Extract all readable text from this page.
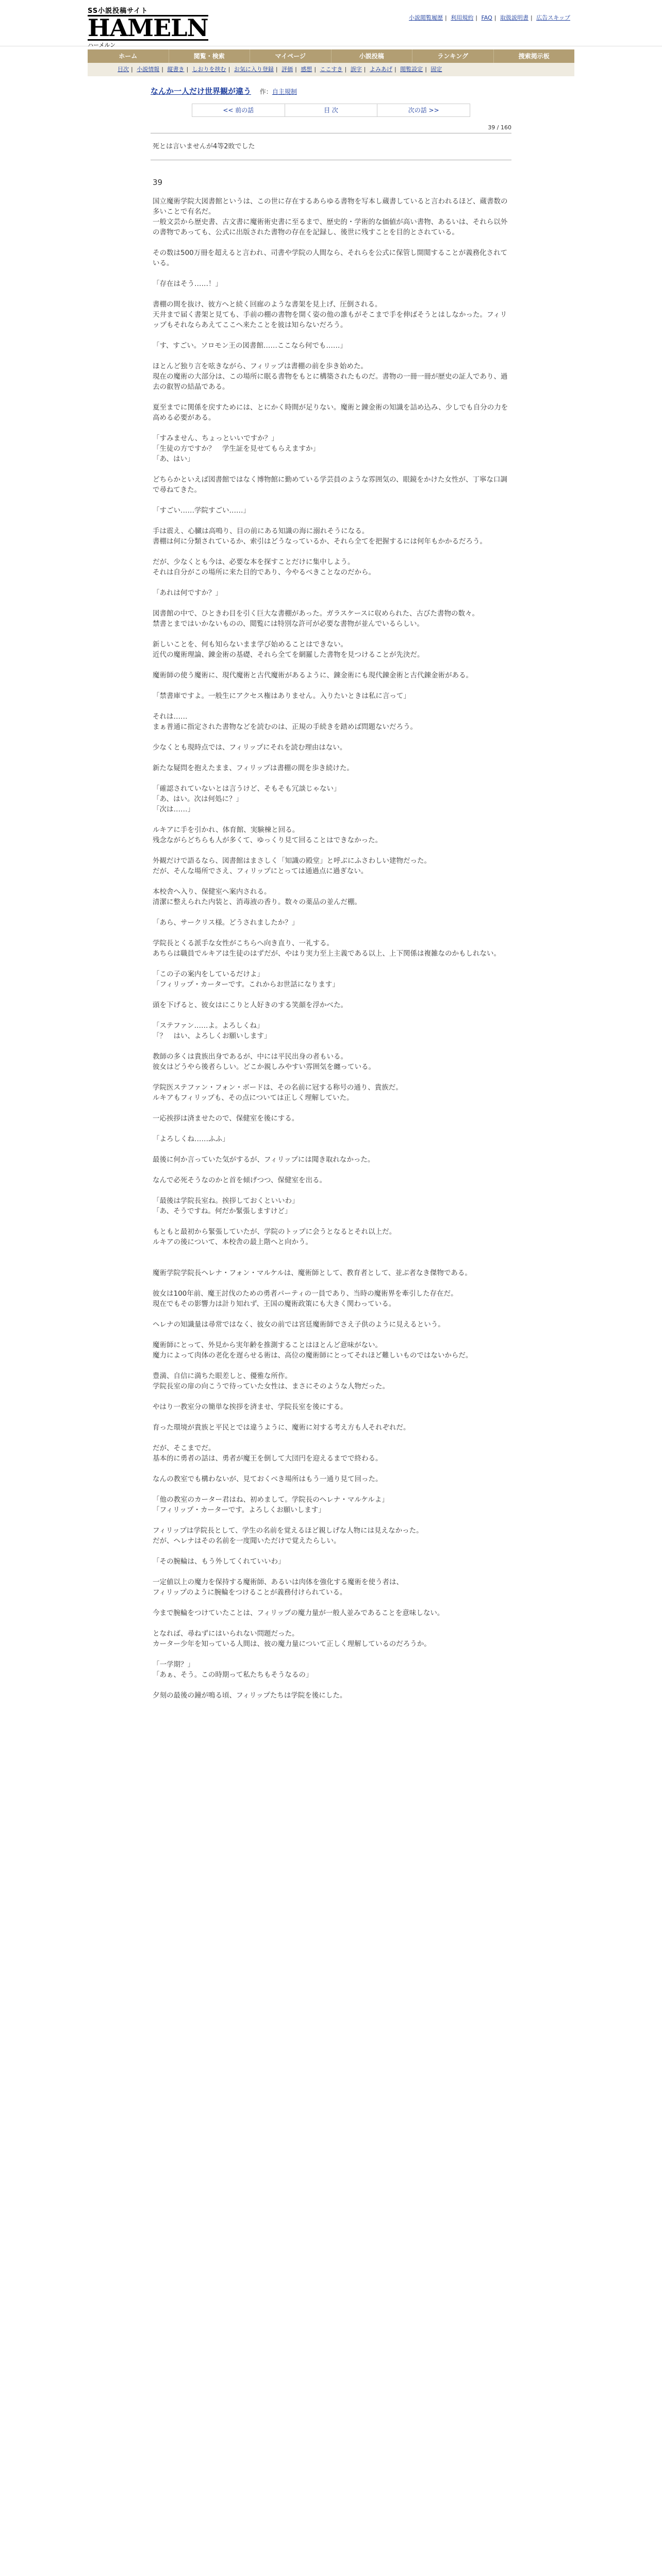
SS小説投稿サイト
HAMELN
ハーメルン
小説閲覧履歴 | 利用規約 | FAQ | 取扱説明書 | 広告スキップ
ホーム	閲覧・検索	マイページ	小説投稿	ランキング	捜索掲示板
目次 | 小説情報 | 縦書き | しおりを挟む | お気に入り登録 | 評価 | 感想 | ここすき | 誤字 | よみあげ | 閲覧設定 | 固定
なんか一人だけ世界観が違う 作：自主規制
<< 前の話	目 次	次の話 >>
39 / 160
死とは言いませんが4等2敗でした
39

国立魔術学院大図書館というは、この世に存在するあらゆる書物を写本し蔵書していると言われるほど、蔵書数の多いことで有名だ。

一般文芸から歴史書、古文書に魔術術史書に至るまで、歴史的・学術的な価値が高い書物、あるいは、それら以外の書物であっても、公式に出版された書物の存在を記録し、後世に残すことを目的とされている。

その数は500万冊を超えると言われ、司書や学院の人間なら、それらを公式に保管し開閲することが義務化されている。

「存在はそう……！」

書棚の間を抜け、彼方へと続く回廊のような書架を見上げ、圧倒される。

天井まで届く書架と見ても、手前の棚の書物を開く姿の他の誰もがそこまで手を伸ばそうとはしなかった。フィリップもそれならあえてここへ来たことを彼は知らないだろう。

「す、すごい。ソロモン王の図書館……ここなら何でも……」

ほとんど独り言を呟きながら、フィリップは書棚の前を歩き始めた。

現在の魔術の大部分は、この場所に眠る書物をもとに構築されたものだ。書物の一冊一冊が歴史の証人であり、過去の叡智の結晶である。

夏至までに関係を戻すためには、とにかく時間が足りない。魔術と錬金術の知識を詰め込み、少しでも自分の力を高める必要がある。

「すみません、ちょっといいですか？」

「生徒の方ですか？　学生証を見せてもらえますか」

「あ、はい」

どちらかといえば図書館ではなく博物館に勤めている学芸員のような雰囲気の、眼鏡をかけた女性が、丁寧な口調で尋ねてきた。

「すごい……学院すごい……」

手は震え、心臓は高鳴り、目の前にある知識の海に溺れそうになる。

書棚は何に分類されているか、索引はどうなっているか、それら全てを把握するには何年もかかるだろう。

だが、少なくとも今は、必要な本を探すことだけに集中しよう。

それは自分がこの場所に来た目的であり、今やるべきことなのだから。

「あれは何ですか？」

図書館の中で、ひときわ目を引く巨大な書棚があった。ガラスケースに収められた、古びた書物の数々。

禁書とまではいかないものの、閲覧には特別な許可が必要な書物が並んでいるらしい。

新しいことを、何も知らないまま学び始めることはできない。

近代の魔術理論、錬金術の基礎、それら全てを網羅した書物を見つけることが先決だ。

魔術師の使う魔術に、現代魔術と古代魔術があるように、錬金術にも現代錬金術と古代錬金術がある。

「禁書庫ですよ。一般生にアクセス権はありません。入りたいときは私に言って」

それは……

まぁ普通に指定された書物などを読むのは、正規の手続きを踏めば問題ないだろう。

少なくとも現時点では、フィリップにそれを読む理由はない。

新たな疑問を抱えたまま、フィリップは書棚の間を歩き続けた。

「確認されていないとは言うけど、そもそも冗談じゃない」

「あ、はい。次は何処に？」

「次は……」

ルキアに手を引かれ、体育館、実験棟と回る。

残念ながらどちらも人が多くて、ゆっくり見て回ることはできなかった。

外観だけで語るなら、図書館はまさしく「知識の殿堂」と呼ぶにふさわしい建物だった。

だが、そんな場所でさえ、フィリップにとっては通過点に過ぎない。

本校舎へ入り、保健室へ案内される。

清潔に整えられた内装と、消毒液の香り。数々の薬品の並んだ棚。

「あら、サークリス様。どうされましたか？」

学院長とくる派手な女性がこちらへ向き直り、一礼する。

あちらは職員でルキアは生徒のはずだが、やはり実力至上主義である以上、上下関係は複雑なのかもしれない。

「この子の案内をしているだけよ」

「フィリップ・カーターです。これからお世話になります」

頭を下げると、彼女はにこりと人好きのする笑顔を浮かべた。

「ステファン……よ。よろしくね」

「？　はい、よろしくお願いします」

教師の多くは貴族出身であるが、中には平民出身の者もいる。

彼女はどうやら後者らしい。どこか親しみやすい雰囲気を纏っている。

学院医ステファン・フォン・ボードは、その名前に冠する称号の通り、貴族だ。

ルキアもフィリップも、その点については正しく理解していた。

一応挨拶は済ませたので、保健室を後にする。

「よろしくね……ふふ」

最後に何か言っていた気がするが、フィリップには聞き取れなかった。

なんで必死そうなのかと首を傾げつつ、保健室を出る。

「最後は学院長室ね。挨拶しておくといいわ」

「あ、そうですね。何だか緊張しますけど」

もともと最初から緊張していたが、学院のトップに会うとなるとそれ以上だ。

ルキアの後について、本校舎の最上階へと向かう。

魔術学院学院長ヘレナ・フォン・マルケルは、魔術師として、教育者として、並ぶ者なき傑物である。

彼女は100年前、魔王討伐のための勇者パーティの一員であり、当時の魔術界を牽引した存在だ。

現在でもその影響力は計り知れず、王国の魔術政策にも大きく関わっている。

ヘレナの知識量は尋常ではなく、彼女の前では宮廷魔術師でさえ子供のように見えるという。

魔術師にとって、外見から実年齢を推測することはほとんど意味がない。

魔力によって肉体の老化を遅らせる術は、高位の魔術師にとってそれほど難しいものではないからだ。

豊満、自信に満ちた眼差しと、優雅な所作。

学院長室の扉の向こうで待っていた女性は、まさにそのような人物だった。

やはり一教室分の簡単な挨拶を済ませ、学院長室を後にする。

育った環境が貴族と平民とでは違うように、魔術に対する考え方も人それぞれだ。

だが、そこまでだ。

基本的に勇者の話は、勇者が魔王を倒して大団円を迎えるまでで終わる。

なんの教室でも構わないが、見ておくべき場所はもう一通り見て回った。

「他の教室のカーター君はね、初めまして。学院長のヘレナ・マルケルよ」

「フィリップ・カーターです。よろしくお願いします」

フィリップは学院長として、学生の名前を覚えるほど親しげな人物には見えなかった。

だが、ヘレナはその名前を一度聞いただけで覚えたらしい。

「その腕輪は、もう外してくれていいわ」

一定値以上の魔力を保持する魔術師、あるいは肉体を強化する魔術を使う者は、

フィリップのように腕輪をつけることが義務付けられている。

今まで腕輪をつけていたことは、フィリップの魔力量が一般人並みであることを意味しない。

となれば、尋ねずにはいられない問題だった。

カーター少年を知っている人間は、彼の魔力量について正しく理解しているのだろうか。

「一学期？」

「あぁ、そう。この時期って私たちもそうなるの」

夕刻の最後の鐘が鳴る頃、フィリップたちは学院を後にした。
